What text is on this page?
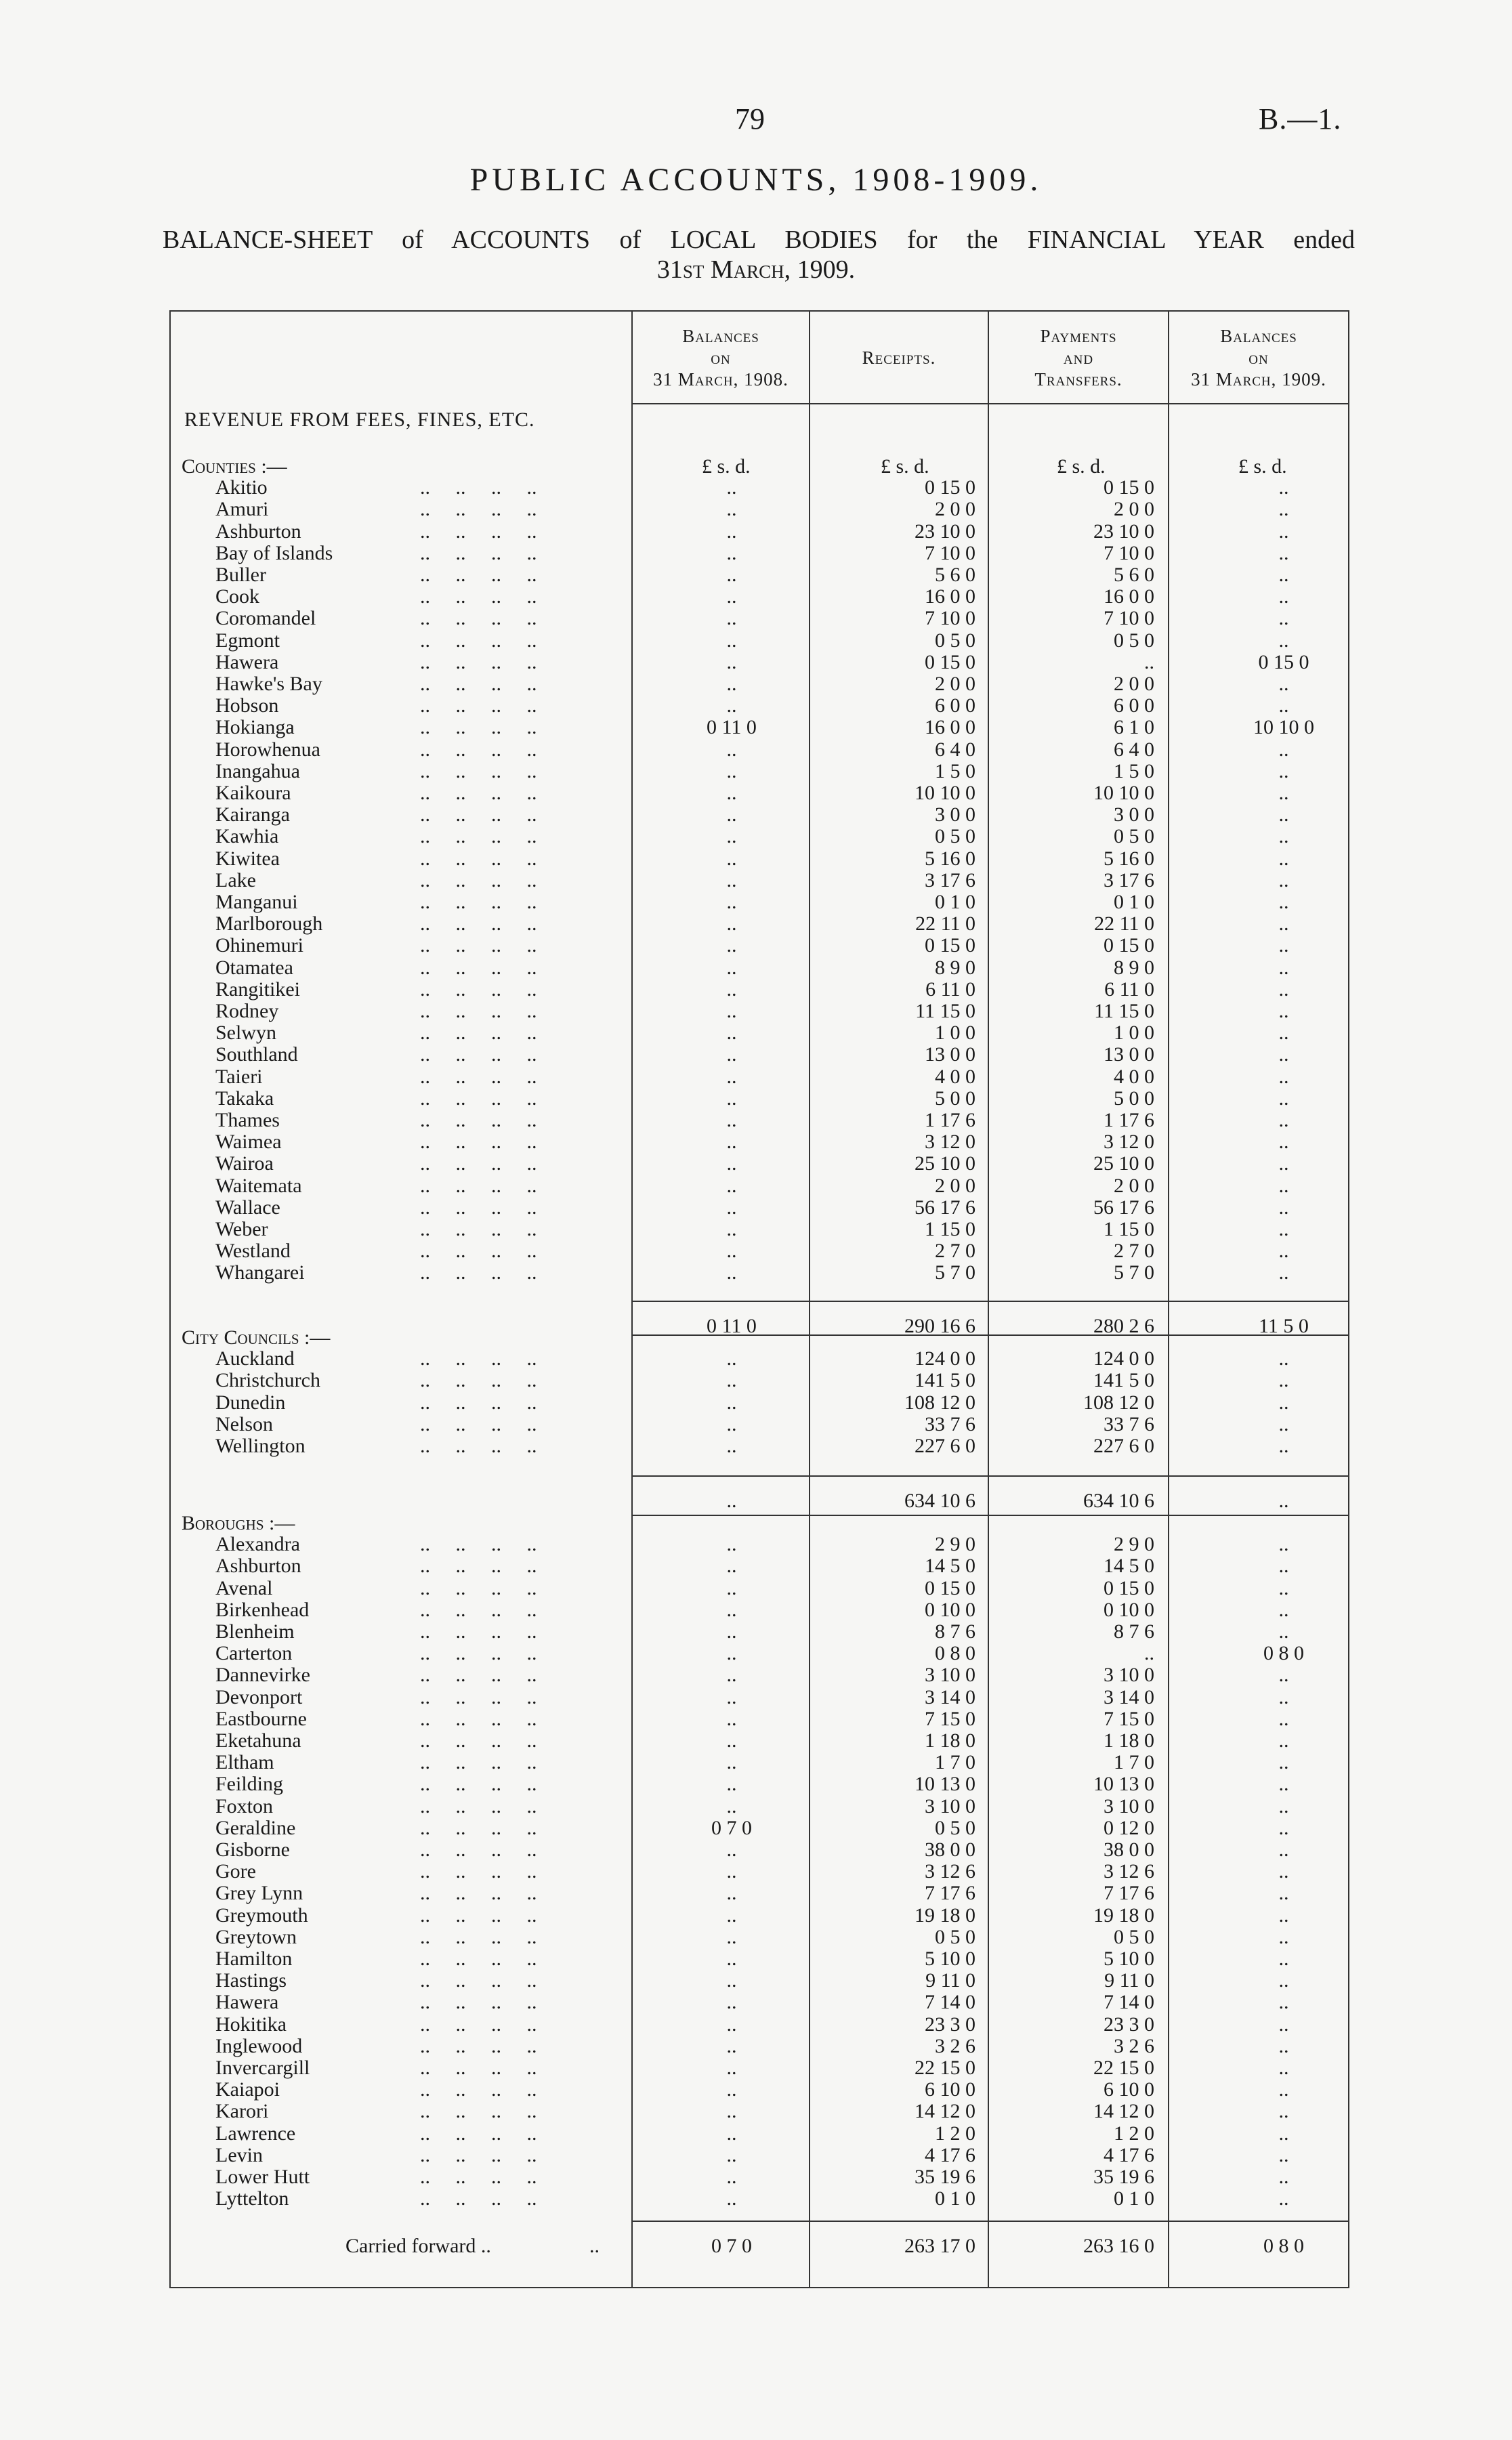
79	B.—1.
PUBLIC ACCOUNTS, 1908-1909.
BALANCE-SHEET of ACCOUNTS of LOCAL BODIES for the FINANCIAL YEAR ended
31st March, 1909.
Balances
on
31 March, 1908.
Receipts.
Payments
and
Transfers.
Balances
on
31 March, 1909.
REVENUE FROM FEES, FINES, ETC.
£ s. d.	£ s. d.	£ s. d.	£ s. d.
Counties :—
Akitio	..     ..     ..     ..	..	0 15 0	0 15 0	..
Amuri	..     ..     ..     ..	..	2 0 0	2 0 0	..
Ashburton	..     ..     ..     ..	..	23 10 0	23 10 0	..
Bay of Islands	..     ..     ..     ..	..	7 10 0	7 10 0	..
Buller	..     ..     ..     ..	..	5 6 0	5 6 0	..
Cook	..     ..     ..     ..	..	16 0 0	16 0 0	..
Coromandel	..     ..     ..     ..	..	7 10 0	7 10 0	..
Egmont	..     ..     ..     ..	..	0 5 0	0 5 0	..
Hawera	..     ..     ..     ..	..	0 15 0	..	0 15 0
Hawke's Bay	..     ..     ..     ..	..	2 0 0	2 0 0	..
Hobson	..     ..     ..     ..	..	6 0 0	6 0 0	..
Hokianga	..     ..     ..     ..	0 11 0	16 0 0	6 1 0	10 10 0
Horowhenua	..     ..     ..     ..	..	6 4 0	6 4 0	..
Inangahua	..     ..     ..     ..	..	1 5 0	1 5 0	..
Kaikoura	..     ..     ..     ..	..	10 10 0	10 10 0	..
Kairanga	..     ..     ..     ..	..	3 0 0	3 0 0	..
Kawhia	..     ..     ..     ..	..	0 5 0	0 5 0	..
Kiwitea	..     ..     ..     ..	..	5 16 0	5 16 0	..
Lake	..     ..     ..     ..	..	3 17 6	3 17 6	..
Manganui	..     ..     ..     ..	..	0 1 0	0 1 0	..
Marlborough	..     ..     ..     ..	..	22 11 0	22 11 0	..
Ohinemuri	..     ..     ..     ..	..	0 15 0	0 15 0	..
Otamatea	..     ..     ..     ..	..	8 9 0	8 9 0	..
Rangitikei	..     ..     ..     ..	..	6 11 0	6 11 0	..
Rodney	..     ..     ..     ..	..	11 15 0	11 15 0	..
Selwyn	..     ..     ..     ..	..	1 0 0	1 0 0	..
Southland	..     ..     ..     ..	..	13 0 0	13 0 0	..
Taieri	..     ..     ..     ..	..	4 0 0	4 0 0	..
Takaka	..     ..     ..     ..	..	5 0 0	5 0 0	..
Thames	..     ..     ..     ..	..	1 17 6	1 17 6	..
Waimea	..     ..     ..     ..	..	3 12 0	3 12 0	..
Wairoa	..     ..     ..     ..	..	25 10 0	25 10 0	..
Waitemata	..     ..     ..     ..	..	2 0 0	2 0 0	..
Wallace	..     ..     ..     ..	..	56 17 6	56 17 6	..
Weber	..     ..     ..     ..	..	1 15 0	1 15 0	..
Westland	..     ..     ..     ..	..	2 7 0	2 7 0	..
Whangarei	..     ..     ..     ..	..	5 7 0	5 7 0	..
0 11 0	290 16 6	280 2 6	11 5 0
City Councils :—
Auckland	..     ..     ..     ..	..	124 0 0	124 0 0	..
Christchurch	..     ..     ..     ..	..	141 5 0	141 5 0	..
Dunedin	..     ..     ..     ..	..	108 12 0	108 12 0	..
Nelson	..     ..     ..     ..	..	33 7 6	33 7 6	..
Wellington	..     ..     ..     ..	..	227 6 0	227 6 0	..
..	634 10 6	634 10 6	..
Boroughs :—
Alexandra	..     ..     ..     ..	..	2 9 0	2 9 0	..
Ashburton	..     ..     ..     ..	..	14 5 0	14 5 0	..
Avenal	..     ..     ..     ..	..	0 15 0	0 15 0	..
Birkenhead	..     ..     ..     ..	..	0 10 0	0 10 0	..
Blenheim	..     ..     ..     ..	..	8 7 6	8 7 6	..
Carterton	..     ..     ..     ..	..	0 8 0	..	0 8 0
Dannevirke	..     ..     ..     ..	..	3 10 0	3 10 0	..
Devonport	..     ..     ..     ..	..	3 14 0	3 14 0	..
Eastbourne	..     ..     ..     ..	..	7 15 0	7 15 0	..
Eketahuna	..     ..     ..     ..	..	1 18 0	1 18 0	..
Eltham	..     ..     ..     ..	..	1 7 0	1 7 0	..
Feilding	..     ..     ..     ..	..	10 13 0	10 13 0	..
Foxton	..     ..     ..     ..	..	3 10 0	3 10 0	..
Geraldine	..     ..     ..     ..	0 7 0	0 5 0	0 12 0	..
Gisborne	..     ..     ..     ..	..	38 0 0	38 0 0	..
Gore	..     ..     ..     ..	..	3 12 6	3 12 6	..
Grey Lynn	..     ..     ..     ..	..	7 17 6	7 17 6	..
Greymouth	..     ..     ..     ..	..	19 18 0	19 18 0	..
Greytown	..     ..     ..     ..	..	0 5 0	0 5 0	..
Hamilton	..     ..     ..     ..	..	5 10 0	5 10 0	..
Hastings	..     ..     ..     ..	..	9 11 0	9 11 0	..
Hawera	..     ..     ..     ..	..	7 14 0	7 14 0	..
Hokitika	..     ..     ..     ..	..	23 3 0	23 3 0	..
Inglewood	..     ..     ..     ..	..	3 2 6	3 2 6	..
Invercargill	..     ..     ..     ..	..	22 15 0	22 15 0	..
Kaiapoi	..     ..     ..     ..	..	6 10 0	6 10 0	..
Karori	..     ..     ..     ..	..	14 12 0	14 12 0	..
Lawrence	..     ..     ..     ..	..	1 2 0	1 2 0	..
Levin	..     ..     ..     ..	..	4 17 6	4 17 6	..
Lower Hutt	..     ..     ..     ..	..	35 19 6	35 19 6	..
Lyttelton	..     ..     ..     ..	..	0 1 0	0 1 0	..
Carried forward ..	..	0 7 0	263 17 0	263 16 0	0 8 0
